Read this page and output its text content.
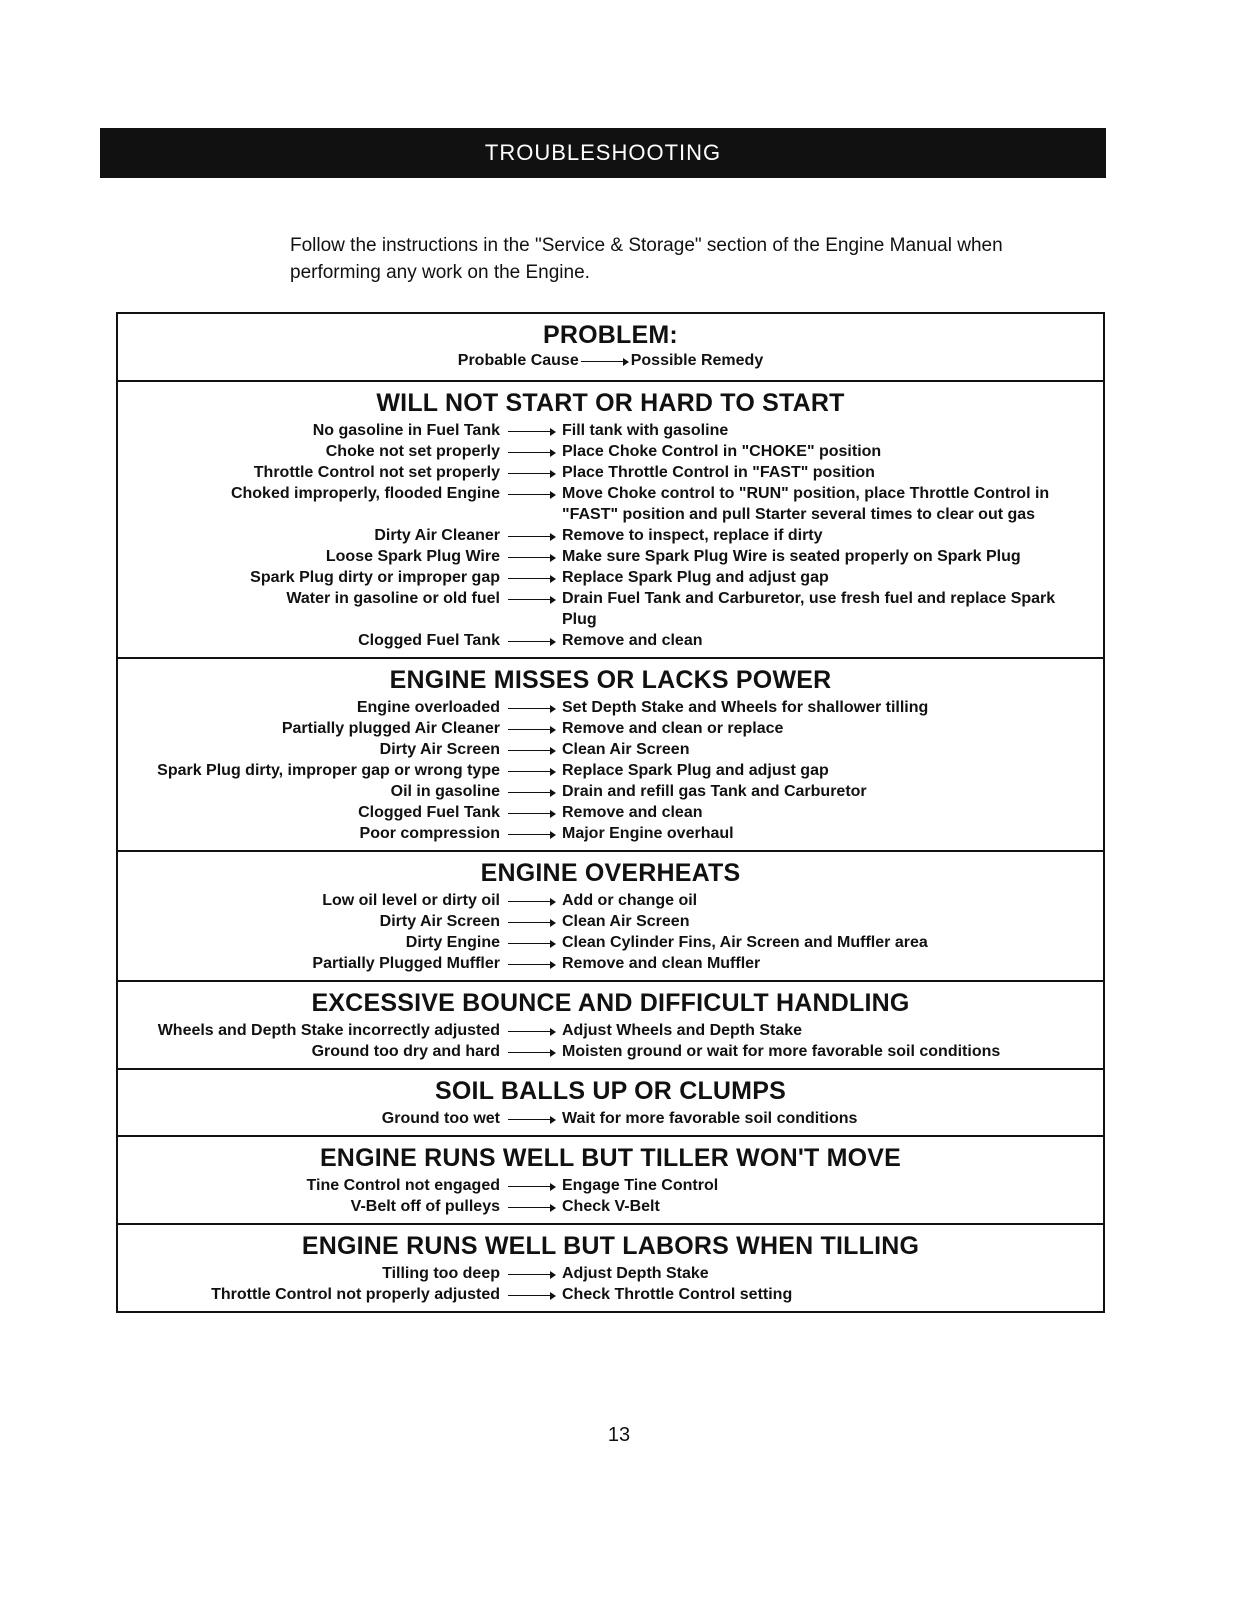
TROUBLESHOOTING
Follow the instructions in the "Service & Storage" section of the Engine Manual when performing any work on the Engine.
PROBLEM:
Probable Cause	Possible Remedy
WILL NOT START OR HARD TO START
No gasoline in Fuel Tank	Fill tank with gasoline
Choke not set properly	Place Choke Control in "CHOKE" position
Throttle Control not set properly	Place Throttle Control in "FAST" position
Choked improperly, flooded Engine	Move Choke control to "RUN" position, place Throttle Control in "FAST" position and pull Starter several times to clear out gas
Dirty Air Cleaner	Remove to inspect, replace if dirty
Loose Spark Plug Wire	Make sure Spark Plug Wire is seated properly on Spark Plug
Spark Plug dirty or improper gap	Replace Spark Plug and adjust gap
Water in gasoline or old fuel	Drain Fuel Tank and Carburetor, use fresh fuel and replace Spark Plug
Clogged Fuel Tank	Remove and clean
ENGINE MISSES OR LACKS POWER
Engine overloaded	Set Depth Stake and Wheels for shallower tilling
Partially plugged Air Cleaner	Remove and clean or replace
Dirty Air Screen	Clean Air Screen
Spark Plug dirty, improper gap or wrong type	Replace Spark Plug and adjust gap
Oil in gasoline	Drain and refill gas Tank and Carburetor
Clogged Fuel Tank	Remove and clean
Poor compression	Major Engine overhaul
ENGINE OVERHEATS
Low oil level or dirty oil	Add or change oil
Dirty Air Screen	Clean Air Screen
Dirty Engine	Clean Cylinder Fins, Air Screen and Muffler area
Partially Plugged Muffler	Remove and clean Muffler
EXCESSIVE BOUNCE AND DIFFICULT HANDLING
Wheels and Depth Stake incorrectly adjusted	Adjust Wheels and Depth Stake
Ground too dry and hard	Moisten ground or wait for more favorable soil conditions
SOIL BALLS UP OR CLUMPS
Ground too wet	Wait for more favorable soil conditions
ENGINE RUNS WELL BUT TILLER WON'T MOVE
Tine Control not engaged	Engage Tine Control
V-Belt off of pulleys	Check V-Belt
ENGINE RUNS WELL BUT LABORS WHEN TILLING
Tilling too deep	Adjust Depth Stake
Throttle Control not properly adjusted	Check Throttle Control setting
13
